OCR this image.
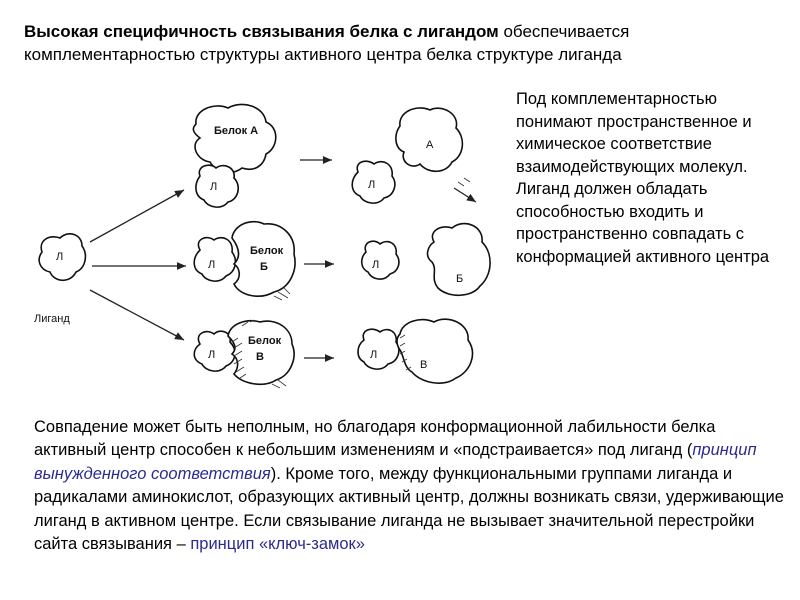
Высокая специфичность связывания белка с лигандом обеспечивается комплементарностью структуры активного центра белка структуре лиганда
Под комплементарностью понимают пространственное и химическое соответствие взаимодействующих молекул. Лиганд должен обладать способностью входить и пространственно совпадать с конформацией активного центра
Л
Лиганд
Белок А
Л
Л
Белок
Б
Л
Белок
В
А
Л
Л
Б
Л
В
Совпадение может быть неполным, но благодаря конформационной лабильности белка активный центр способен к небольшим изменениям и «подстраивается» под лиганд (принцип вынужденного соответствия). Кроме того, между функциональными группами лиганда и радикалами аминокислот, образующих активный центр, должны возникать связи, удерживающие лиганд в активном центре. Если связывание лиганда не вызывает значительной перестройки сайта связывания – принцип «ключ-замок»
